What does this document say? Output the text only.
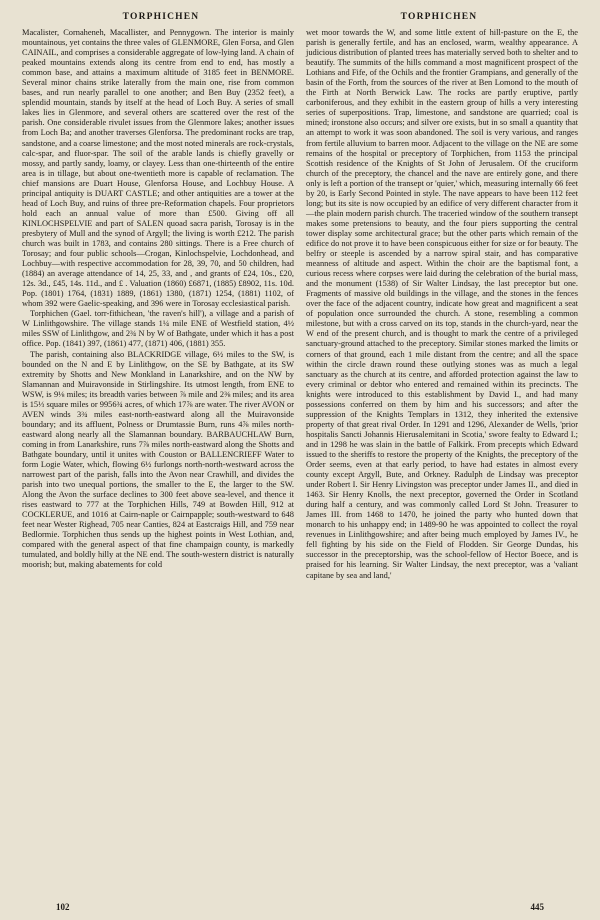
TORPHICHEN	TORPHICHEN

Macalister, Cornaheneh, Macallister, and Pennygown. The interior is mainly mountainous, yet contains the three vales of GLENMORE, Glen Forsa, and Glen CAINAIL, and comprises a considerable aggregate of low-lying land. A chain of peaked mountains extends along its centre from end to end, has mostly a common base, and attains a maximum altitude of 3185 feet in BENMORE. Several minor chains strike laterally from the main one, rise from common bases, and run nearly parallel to one another; and Ben Buy (2352 feet), a splendid mountain, stands by itself at the head of Loch Buy. A series of small lakes lies in Glenmore, and several others are scattered over the rest of the parish. One considerable rivulet issues from the Glenmore lakes; another issues from Loch Ba; and another traverses Glenforsa. The predominant rocks are trap, sandstone, and a coarse limestone; and the most noted minerals are rock-crystals, calc-spar, and fluor-spar. The soil of the arable lands is chiefly gravelly or mossy, and partly sandy, loamy, or clayey. Less than one-thirteenth of the entire area is in tillage, but about one-twentieth more is capable of reclamation. The chief mansions are Duart House, Glenforsa House, and Lochbuy House. A principal antiquity is DUART CASTLE; and other antiquities are a tower at the head of Loch Buy, and ruins of three pre-Reformation chapels. Four proprietors hold each an annual value of more than £500. Giving off all KINLOCHSPELVIE and part of SALEN quoad sacra parish, Torosay is in the presbytery of Mull and the synod of Argyll; the living is worth £212. The parish church was built in 1783, and contains 280 sittings. There is a Free church of Torosay; and four public schools—Crogan, Kinlochspelvie, Lochdonhead, and Lochbuy—with respective accommodation for 28, 39, 70, and 50 children, had (1884) an average attendance of 14, 25, 33, and , and grants of £24, 10s., £20, 12s. 3d., £45, 14s. 11d., and £ . Valuation (1860) £6871, (1885) £8902, 11s. 10d. Pop. (1801) 1764, (1831) 1889, (1861) 1380, (1871) 1254, (1881) 1102, of whom 392 were Gaelic-speaking, and 396 were in Torosay ecclesiastical parish.

Torphichen (Gael. torr-fithichean, 'the raven's hill'), a village and a parish of W Linlithgowshire. The village stands 1¼ mile ENE of Westfield station, 4½ miles SSW of Linlithgow, and 2¾ N by W of Bathgate, under which it has a post office. Pop. (1841) 397, (1861) 477, (1871) 406, (1881) 355.

The parish, containing also BLACKRIDGE village, 6½ miles to the SW, is bounded on the N and E by Linlithgow, on the SE by Bathgate, at its SW extremity by Shotts and New Monkland in Lanarkshire, and on the NW by Slamannan and Muiravonside in Stirlingshire. Its utmost length, from ENE to WSW, is 9⅛ miles; its breadth varies between ⅞ mile and 2⅜ miles; and its area is 15⅓ square miles or 9956¾ acres, of which 17⅞ are water. The river AVON or AVEN winds 3¾ miles east-north-eastward along all the Muiravonside boundary; and its affluent, Polness or Drumtassie Burn, runs 4⅞ miles north-eastward along nearly all the Slamannan boundary. BARBAUCHLAW Burn, coming in from Lanarkshire, runs 7⅞ miles north-eastward along the Shotts and Bathgate boundary, until it unites with Couston or BALLENCRIEFF Water to form Logie Water, which, flowing 6½ furlongs north-north-westward across the narrowest part of the parish, falls into the Avon near Crawhill, and divides the parish into two unequal portions, the smaller to the E, the larger to the SW. Along the Avon the surface declines to 300 feet above sea-level, and thence it rises eastward to 777 at the Torphichen Hills, 749 at Bowden Hill, 912 at COCKLERUE, and 1016 at Cairn-naple or Cairnpapple; south-westward to 648 feet near Wester Righead, 705 near Canties, 824 at Eastcraigs Hill, and 759 near Bedlormie. Torphichen thus sends up the highest points in West Lothian, and, compared with the general aspect of that fine champaign county, is markedly tumulated, and boldly hilly at the NE end. The south-western district is naturally moorish; but, making abatements for cold

wet moor towards the W, and some little extent of hill-pasture on the E, the parish is generally fertile, and has an enclosed, warm, wealthy appearance. A judicious distribution of planted trees has materially served both to shelter and to beautify. The summits of the hills command a most magnificent prospect of the Lothians and Fife, of the Ochils and the frontier Grampians, and generally of the basin of the Forth, from the sources of the river at Ben Lomond to the mouth of the Firth at North Berwick Law. The rocks are partly eruptive, partly carboniferous, and they exhibit in the eastern group of hills a very interesting series of superpositions. Trap, limestone, and sandstone are quarried; coal is mined; ironstone also occurs; and silver ore exists, but in so small a quantity that an attempt to work it was soon abandoned. The soil is very various, and ranges from fertile alluvium to barren moor. Adjacent to the village on the NE are some remains of the hospital or preceptory of Torphichen, from 1153 the principal Scottish residence of the Knights of St John of Jerusalem. Of the cruciform church of the preceptory, the chancel and the nave are entirely gone, and there only is left a portion of the transept or 'quier,' which, measuring internally 66 feet by 20, is Early Second Pointed in style. The nave appears to have been 112 feet long; but its site is now occupied by an edifice of very different character from it—the plain modern parish church. The traceried window of the southern transept makes some pretensions to beauty, and the four piers supporting the central tower display some architectural grace; but the other parts which remain of the edifice do not prove it to have been conspicuous either for size or for beauty. The belfry or steeple is ascended by a narrow spiral stair, and has comparative meanness of altitude and aspect. Within the choir are the baptismal font, a curious recess where corpses were laid during the celebration of the burial mass, and the monument (1538) of Sir Walter Lindsay, the last preceptor but one. Fragments of massive old buildings in the village, and the stones in the fences over the face of the adjacent country, indicate how great and magnificent a seat of population once surrounded the church. A stone, resembling a common milestone, but with a cross carved on its top, stands in the church-yard, near the W end of the present church, and is thought to mark the centre of a privileged sanctuary-ground attached to the preceptory. Similar stones marked the limits or corners of that ground, each 1 mile distant from the centre; and all the space within the circle drawn round these outlying stones was as much a legal sanctuary as the church at its centre, and afforded protection against the law to every criminal or debtor who entered and remained within its precincts. The knights were introduced to this establishment by David I., and had many possessions conferred on them by him and his successors; and after the suppression of the Knights Templars in 1312, they inherited the extensive property of that great rival Order. In 1291 and 1296, Alexander de Wells, 'prior hospitalis Sancti Johannis Hierusalemitani in Scotia,' swore fealty to Edward I.; and in 1298 he was slain in the battle of Falkirk. From precepts which Edward issued to the sheriffs to restore the property of the Knights, the preceptory of the Order seems, even at that early period, to have had estates in almost every county except Argyll, Bute, and Orkney. Radulph de Lindsay was preceptor under Robert I. Sir Henry Livingston was preceptor under James II., and died in 1463. Sir Henry Knolls, the next preceptor, governed the Order in Scotland during half a century, and was commonly called Lord St John. Treasurer to James III. from 1468 to 1470, he joined the party who hunted down that monarch to his unhappy end; in 1489-90 he was appointed to collect the royal revenues in Linlithgowshire; and after being much employed by James IV., he fell fighting by his side on the Field of Flodden. Sir George Dundas, his successor in the preceptorship, was the school-fellow of Hector Boece, and is praised for his learning. Sir Walter Lindsay, the next preceptor, was a 'valiant capitane by sea and land,'

102	445
